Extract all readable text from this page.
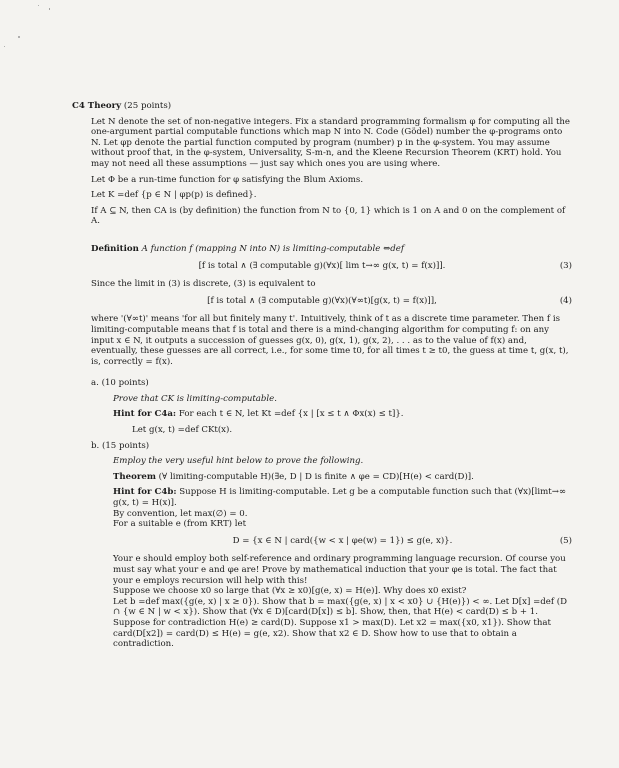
C4 Theory (25 points)
Let N denote the set of non-negative integers. Fix a standard programming formalism φ for computing all the one-argument partial computable functions which map N into N. Code (Gödel) number the φ-programs onto N. Let φp denote the partial function computed by program (number) p in the φ-system. You may assume without proof that, in the φ-system, Universality, S-m-n, and the Kleene Recursion Theorem (KRT) hold. You may not need all these assumptions — just say which ones you are using where.
Let Φ be a run-time function for φ satisfying the Blum Axioms.
Let K =def {p ∈ N | φp(p) is defined}.
If A ⊆ N, then CA is (by definition) the function from N to {0, 1} which is 1 on A and 0 on the complement of A.
Definition A function f (mapping N into N) is limiting-computable ⇔def
[f is total ∧ (∃ computable g)(∀x)[ lim t→∞ g(x, t) = f(x)]].	(3)
Since the limit in (3) is discrete, (3) is equivalent to
[f is total ∧ (∃ computable g)(∀x)(∀∞t)[g(x, t) = f(x)]],	(4)
where '(∀∞t)' means 'for all but finitely many t'. Intuitively, think of t as a discrete time parameter. Then f is limiting-computable means that f is total and there is a mind-changing algorithm for computing f: on any input x ∈ N, it outputs a succession of guesses g(x, 0), g(x, 1), g(x, 2), . . . as to the value of f(x) and, eventually, these guesses are all correct, i.e., for some time t0, for all times t ≥ t0, the guess at time t, g(x, t), is, correctly = f(x).
a. (10 points)
Prove that CK is limiting-computable.
Hint for C4a: For each t ∈ N, let Kt =def {x | [x ≤ t ∧ Φx(x) ≤ t]}.
Let g(x, t) =def CKt(x).
b. (15 points)
Employ the very useful hint below to prove the following.
Theorem (∀ limiting-computable H)(∃e, D | D is finite ∧ φe = CD)[H(e) < card(D)].
Hint for C4b: Suppose H is limiting-computable. Let g be a computable function such that (∀x)[limt→∞ g(x, t) = H(x)].
By convention, let max(∅) = 0.
For a suitable e (from KRT) let
D = {x ∈ N | card({w < x | φe(w) = 1}) ≤ g(e, x)}.	(5)
Your e should employ both self-reference and ordinary programming language recursion. Of course you must say what your e and φe are! Prove by mathematical induction that your φe is total. The fact that your e employs recursion will help with this!
Suppose we choose x0 so large that (∀x ≥ x0)[g(e, x) = H(e)]. Why does x0 exist?
Let b =def max({g(e, x) | x ≥ 0}). Show that b = max({g(e, x) | x < x0} ∪ {H(e)}) < ∞. Let D[x] =def (D ∩ {w ∈ N | w < x}). Show that (∀x ∈ D)[card(D[x]) ≤ b]. Show, then, that H(e) < card(D) ≤ b + 1. Suppose for contradiction H(e) ≥ card(D). Suppose x1 > max(D). Let x2 = max({x0, x1}). Show that card(D[x2]) = card(D) ≤ H(e) = g(e, x2). Show that x2 ∈ D. Show how to use that to obtain a contradiction.
